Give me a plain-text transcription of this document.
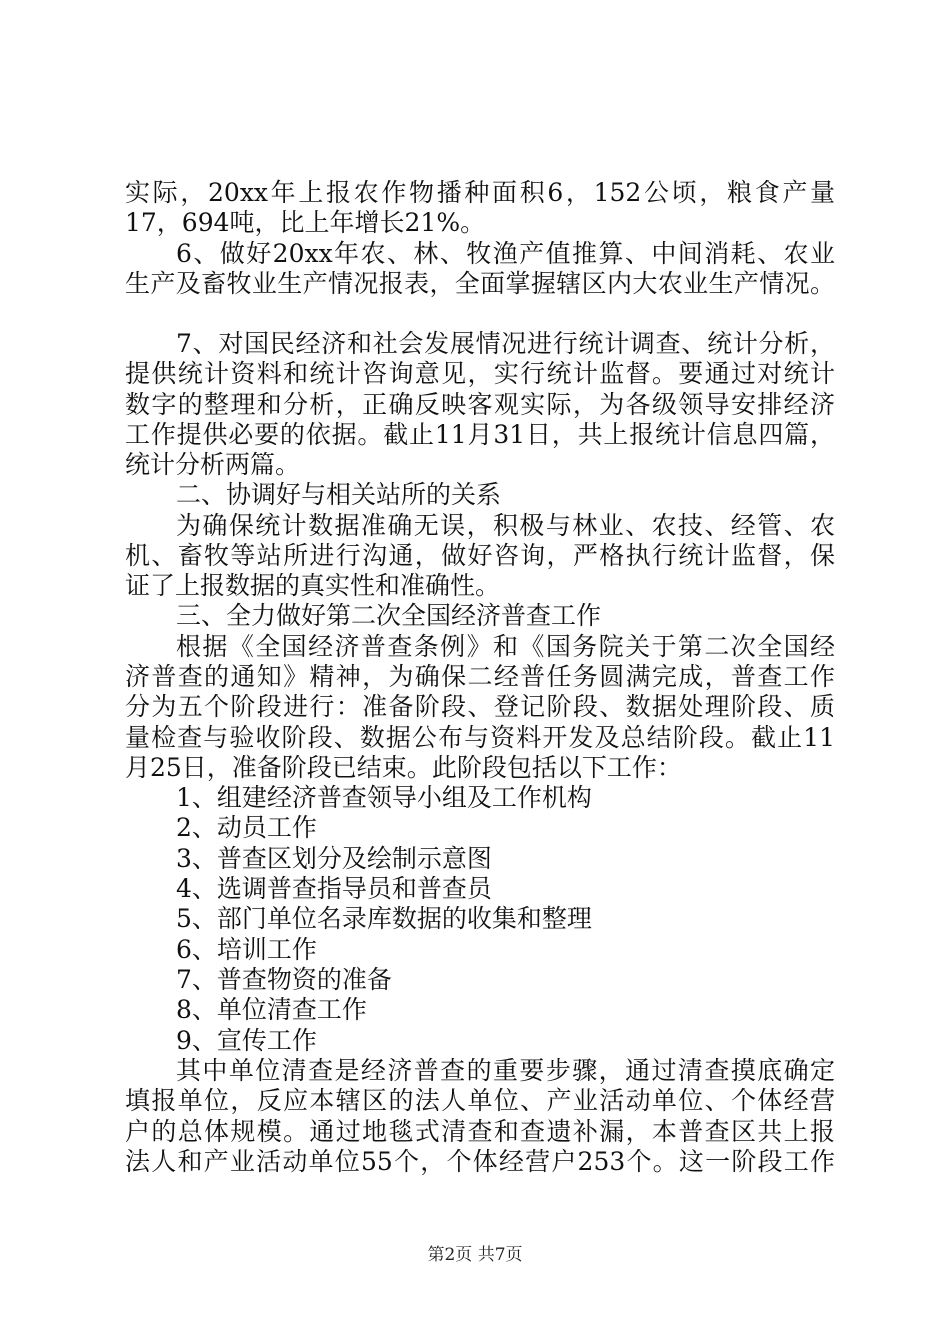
实际，20xx年上报农作物播种面积6，152公顷，粮食产量
17，694吨，比上年增长21%。
6、做好20xx年农、林、牧渔产值推算、中间消耗、农业
生产及畜牧业生产情况报表，全面掌握辖区内大农业生产情况。
7、对国民经济和社会发展情况进行统计调查、统计分析，
提供统计资料和统计咨询意见，实行统计监督。要通过对统计
数字的整理和分析，正确反映客观实际，为各级领导安排经济
工作提供必要的依据。截止11月31日，共上报统计信息四篇，
统计分析两篇。
二、协调好与相关站所的关系
为确保统计数据准确无误，积极与林业、农技、经管、农
机、畜牧等站所进行沟通，做好咨询，严格执行统计监督，保
证了上报数据的真实性和准确性。
三、全力做好第二次全国经济普查工作
根据《全国经济普查条例》和《国务院关于第二次全国经
济普查的通知》精神，为确保二经普任务圆满完成，普查工作
分为五个阶段进行：准备阶段、登记阶段、数据处理阶段、质
量检查与验收阶段、数据公布与资料开发及总结阶段。截止11
月25日，准备阶段已结束。此阶段包括以下工作：
1、组建经济普查领导小组及工作机构
2、动员工作
3、普查区划分及绘制示意图
4、选调普查指导员和普查员
5、部门单位名录库数据的收集和整理
6、培训工作
7、普查物资的准备
8、单位清查工作
9、宣传工作
其中单位清查是经济普查的重要步骤，通过清查摸底确定
填报单位，反应本辖区的法人单位、产业活动单位、个体经营
户的总体规模。通过地毯式清查和查遗补漏，本普查区共上报
法人和产业活动单位55个，个体经营户253个。这一阶段工作
第2页 共7页
